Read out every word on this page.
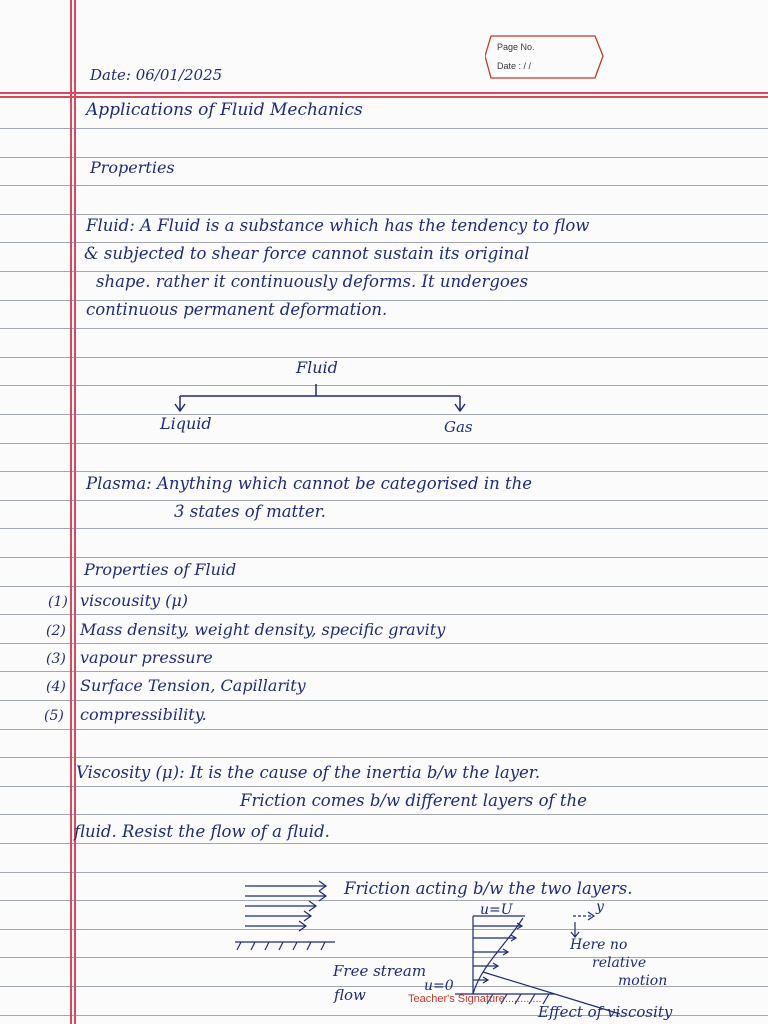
Page No.
Date : / /
Date: 06/01/2025
Applications of Fluid Mechanics
Properties
Fluid: A Fluid is a substance which has the tendency to flow
& subjected to shear force cannot sustain its original
shape. rather it continuously deforms. It undergoes
continuous permanent deformation.
Fluid
Liquid	Gas
Plasma: Anything which cannot be categorised in the
3 states of matter.
Properties of Fluid
(1) viscousity (μ)
(2) Mass density, weight density, specific gravity
(3) vapour pressure
(4) Surface Tension, Capillarity
(5) compressibility.
Viscosity (μ): It is the cause of the inertia b/w the layer.
Friction comes b/w different layers of the
fluid. Resist the flow of a fluid.
Friction acting b/w the two layers.
u=U	y
Here no
relative
motion
Free stream
flow	u=0
Effect of viscosity
Teacher's Signature............
